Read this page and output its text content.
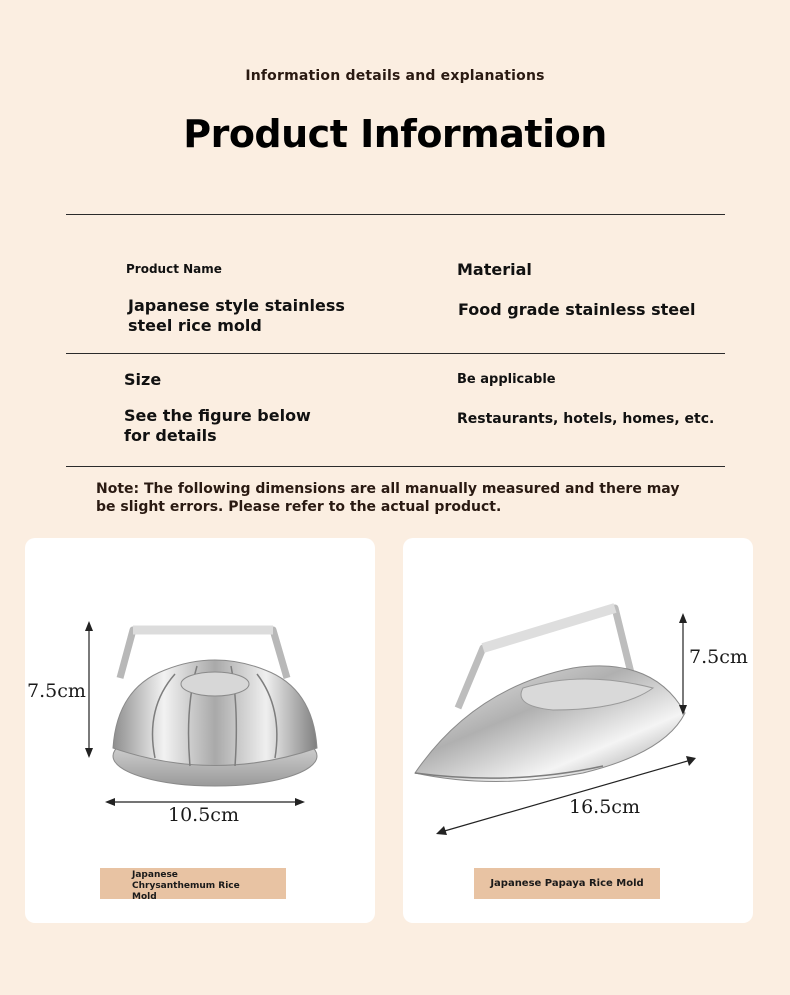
Information details and explanations
Product Information
Product Name
Japanese style stainless
steel rice mold
Material
Food grade stainless steel
Size
See the figure below
for details
Be applicable
Restaurants, hotels, homes, etc.
Note: The following dimensions are all manually measured and there may
be slight errors. Please refer to the actual product.
7.5cm
10.5cm
Japanese
Chrysanthemum Rice
Mold
7.5cm
16.5cm
Japanese Papaya Rice Mold
